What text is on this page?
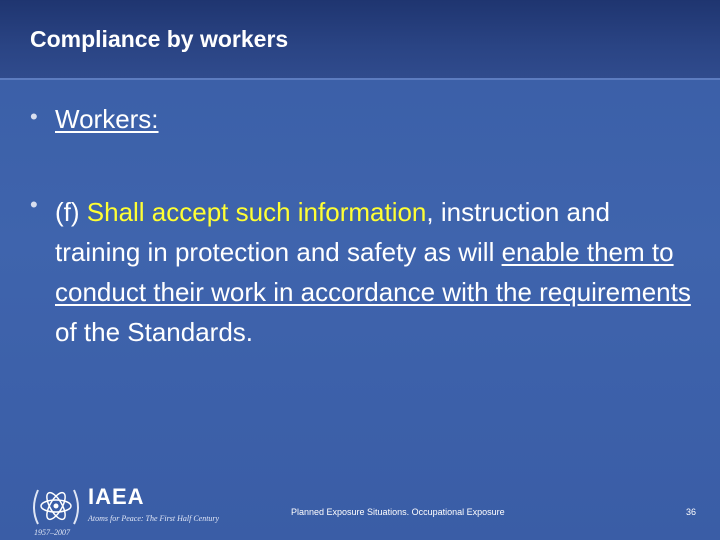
Compliance by workers
• Workers:
• (f) Shall accept such information, instruction and training in protection and safety as will enable them to conduct their work in accordance with the requirements of the Standards.
IAEA
Atoms for Peace: The First Half Century
1957–2007
Planned Exposure Situations. Occupational Exposure	36
